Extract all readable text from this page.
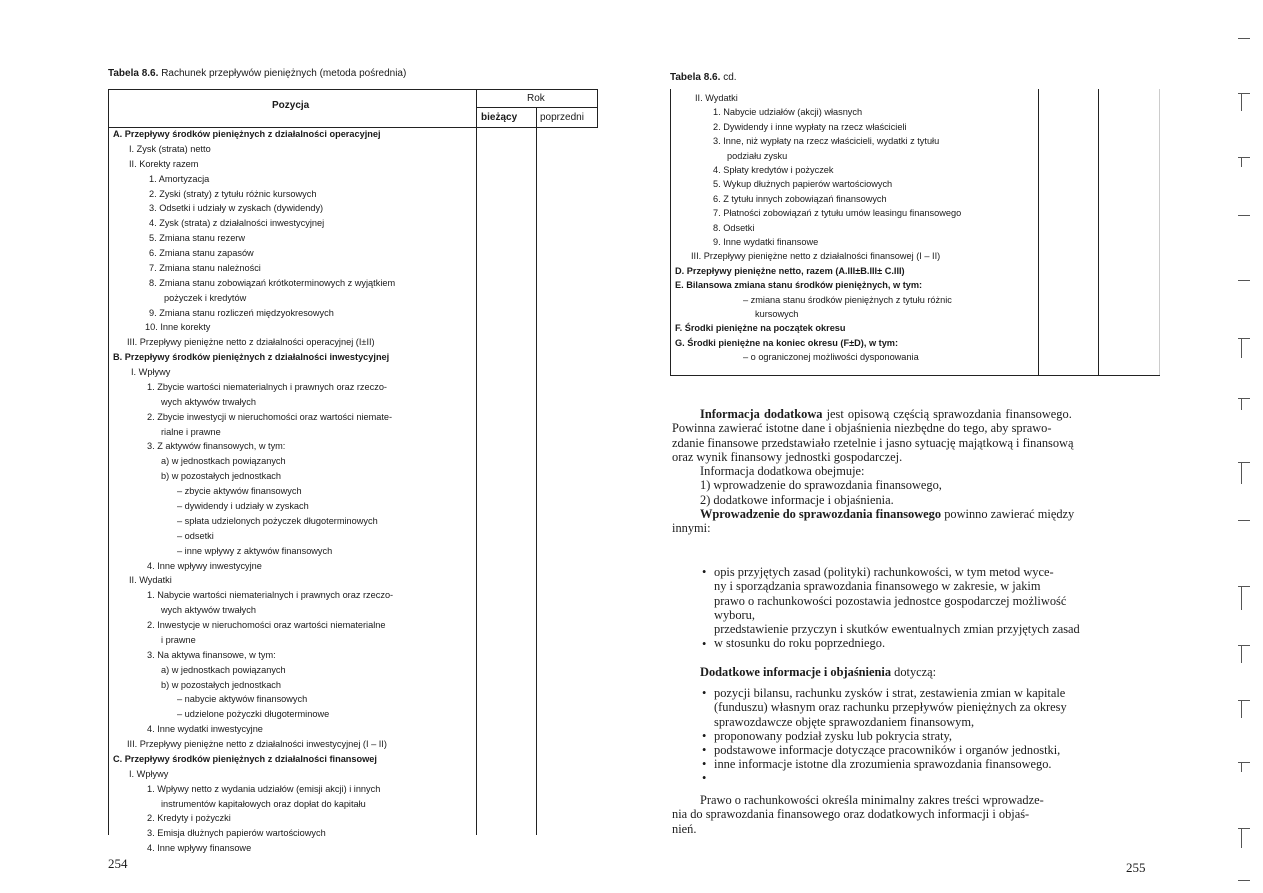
Tabela 8.6. Rachunek przepływów pieniężnych (metoda pośrednia)
Pozycja
Rok
bieżący poprzedni
A. Przepływy środków pieniężnych z działalności operacyjnej
I. Zysk (strata) netto
II. Korekty razem
1. Amortyzacja
2. Zyski (straty) z tytułu różnic kursowych
3. Odsetki i udziały w zyskach (dywidendy)
4. Zysk (strata) z działalności inwestycyjnej
5. Zmiana stanu rezerw
6. Zmiana stanu zapasów
7. Zmiana stanu należności
8. Zmiana stanu zobowiązań krótkoterminowych z wyjątkiem
pożyczek i kredytów
9. Zmiana stanu rozliczeń międzyokresowych
10. Inne korekty
III. Przepływy pieniężne netto z działalności operacyjnej (I±II)
B. Przepływy środków pieniężnych z działalności inwestycyjnej
I. Wpływy
1. Zbycie wartości niematerialnych i prawnych oraz rzeczo-
wych aktywów trwałych
2. Zbycie inwestycji w nieruchomości oraz wartości niemate-
rialne i prawne
3. Z aktywów finansowych, w tym:
a) w jednostkach powiązanych
b) w pozostałych jednostkach
– zbycie aktywów finansowych
– dywidendy i udziały w zyskach
– spłata udzielonych pożyczek długoterminowych
– odsetki
– inne wpływy z aktywów finansowych
4. Inne wpływy inwestycyjne
II. Wydatki
1. Nabycie wartości niematerialnych i prawnych oraz rzeczo-
wych aktywów trwałych
2. Inwestycje w nieruchomości oraz wartości niematerialne
i prawne
3. Na aktywa finansowe, w tym:
a) w jednostkach powiązanych
b) w pozostałych jednostkach
– nabycie aktywów finansowych
– udzielone pożyczki długoterminowe
4. Inne wydatki inwestycyjne
III. Przepływy pieniężne netto z działalności inwestycyjnej (I – II)
C. Przepływy środków pieniężnych z działalności finansowej
I. Wpływy
1. Wpływy netto z wydania udziałów (emisji akcji) i innych
instrumentów kapitałowych oraz dopłat do kapitału
2. Kredyty i pożyczki
3. Emisja dłużnych papierów wartościowych
4. Inne wpływy finansowe
254
Tabela 8.6. cd.
II. Wydatki
1. Nabycie udziałów (akcji) własnych
2. Dywidendy i inne wypłaty na rzecz właścicieli
3. Inne, niż wypłaty na rzecz właścicieli, wydatki z tytułu
podziału zysku
4. Spłaty kredytów i pożyczek
5. Wykup dłużnych papierów wartościowych
6. Z tytułu innych zobowiązań finansowych
7. Płatności zobowiązań z tytułu umów leasingu finansowego
8. Odsetki
9. Inne wydatki finansowe
III. Przepływy pieniężne netto z działalności finansowej (I – II)
D. Przepływy pieniężne netto, razem (A.III±B.III± C.III)
E. Bilansowa zmiana stanu środków pieniężnych, w tym:
– zmiana stanu środków pieniężnych z tytułu różnic
kursowych
F. Środki pieniężne na początek okresu
G. Środki pieniężne na koniec okresu (F±D), w tym:
– o ograniczonej możliwości dysponowania
Informacja dodatkowa jest opisową częścią sprawozdania finansowego.
Powinna zawierać istotne dane i objaśnienia niezbędne do tego, aby sprawo-
zdanie finansowe przedstawiało rzetelnie i jasno sytuację majątkową i finansową
oraz wynik finansowy jednostki gospodarczej.
Informacja dodatkowa obejmuje:
1) wprowadzenie do sprawozdania finansowego,
2) dodatkowe informacje i objaśnienia.
Wprowadzenie do sprawozdania finansowego powinno zawierać między
innymi:
opis przyjętych zasad (polityki) rachunkowości, w tym metod wyce-
ny i sporządzania sprawozdania finansowego w zakresie, w jakim
prawo o rachunkowości pozostawia jednostce gospodarczej możliwość
wyboru,
przedstawienie przyczyn i skutków ewentualnych zmian przyjętych zasad
w stosunku do roku poprzedniego.
•
•
Dodatkowe informacje i objaśnienia dotyczą:
pozycji bilansu, rachunku zysków i strat, zestawienia zmian w kapitale
(funduszu) własnym oraz rachunku przepływów pieniężnych za okresy
sprawozdawcze objęte sprawozdaniem finansowym,
proponowany podział zysku lub pokrycia straty,
podstawowe informacje dotyczące pracowników i organów jednostki,
inne informacje istotne dla zrozumienia sprawozdania finansowego.
•
•
•
•
•
Prawo o rachunkowości określa minimalny zakres treści wprowadze-
nia do sprawozdania finansowego oraz dodatkowych informacji i objaś-
nień.
255
